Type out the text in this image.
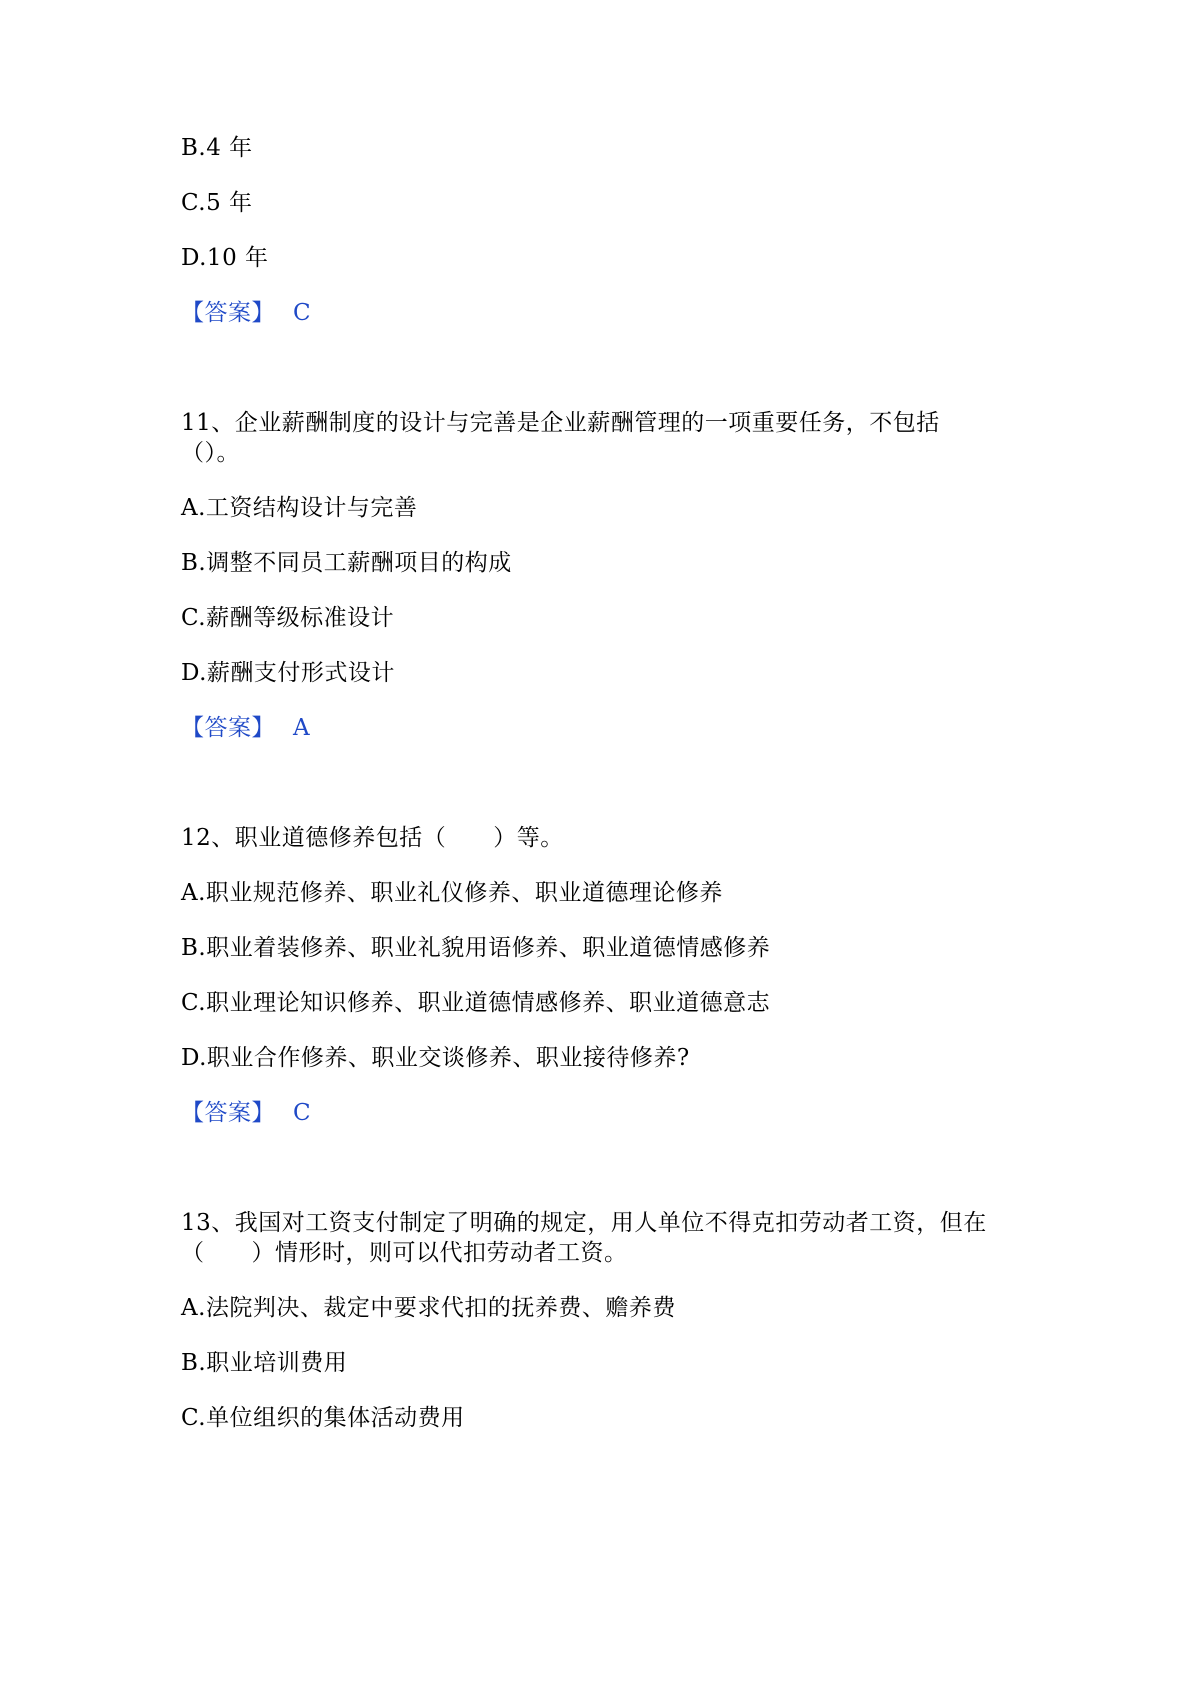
B.4 年
C.5 年
D.10 年
【答案】 C
11、企业薪酬制度的设计与完善是企业薪酬管理的一项重要任务，不包括
（）。
A.工资结构设计与完善
B.调整不同员工薪酬项目的构成
C.薪酬等级标准设计
D.薪酬支付形式设计
【答案】 A
12、职业道德修养包括（　　）等。
A.职业规范修养、职业礼仪修养、职业道德理论修养
B.职业着装修养、职业礼貌用语修养、职业道德情感修养
C.职业理论知识修养、职业道德情感修养、职业道德意志
D.职业合作修养、职业交谈修养、职业接待修养?
【答案】 C
13、我国对工资支付制定了明确的规定，用人单位不得克扣劳动者工资，但在
（　　）情形时，则可以代扣劳动者工资。
A.法院判决、裁定中要求代扣的抚养费、赡养费
B.职业培训费用
C.单位组织的集体活动费用
